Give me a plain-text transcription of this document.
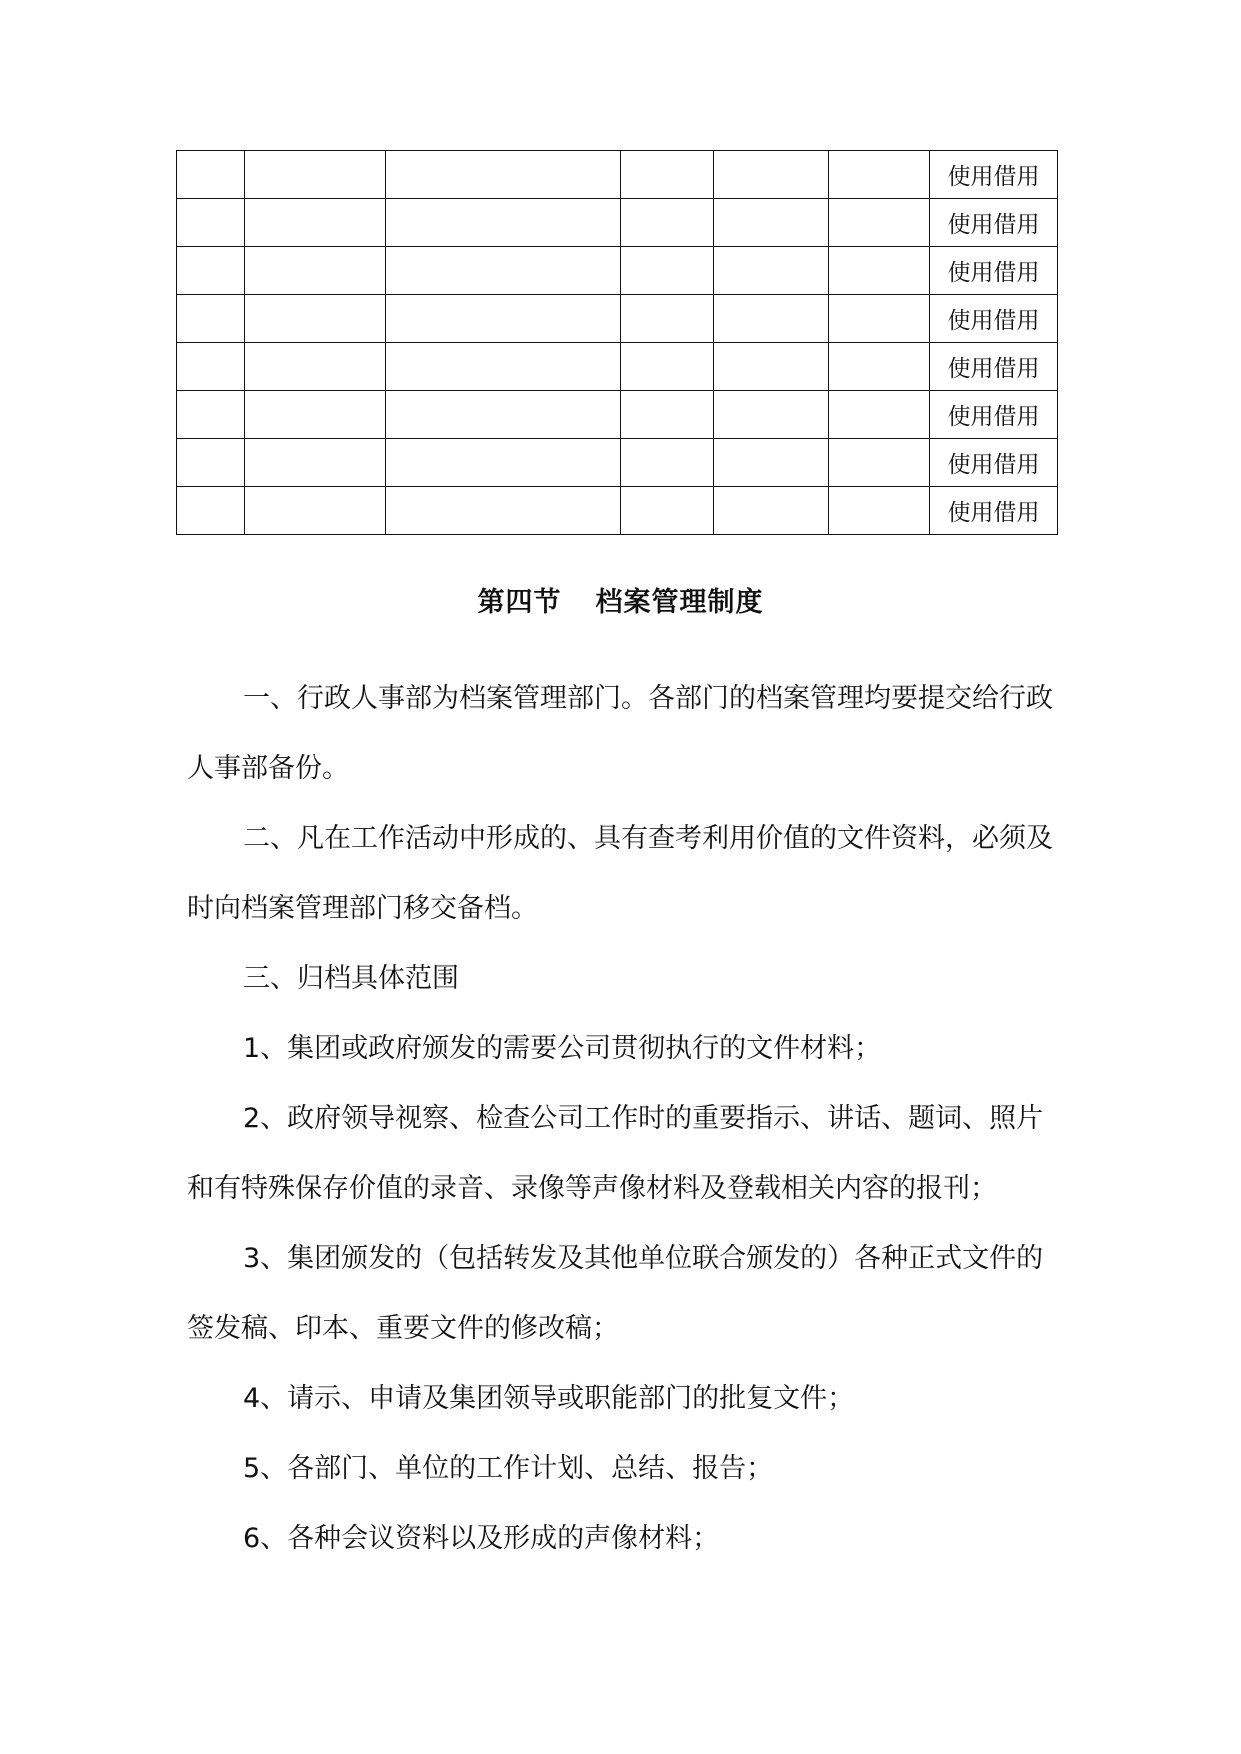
						使用借用
						使用借用
						使用借用
						使用借用
						使用借用
						使用借用
						使用借用
						使用借用
第四节 档案管理制度

一、行政人事部为档案管理部门。各部门的档案管理均要提交给行政人事部备份。

二、凡在工作活动中形成的、具有查考利用价值的文件资料，必须及时向档案管理部门移交备档。

三、归档具体范围

1、集团或政府颁发的需要公司贯彻执行的文件材料；

2、政府领导视察、检查公司工作时的重要指示、讲话、题词、照片和有特殊保存价值的录音、录像等声像材料及登载相关内容的报刊；

3、集团颁发的（包括转发及其他单位联合颁发的）各种正式文件的签发稿、印本、重要文件的修改稿；

4、请示、申请及集团领导或职能部门的批复文件；

5、各部门、单位的工作计划、总结、报告；

6、各种会议资料以及形成的声像材料；
